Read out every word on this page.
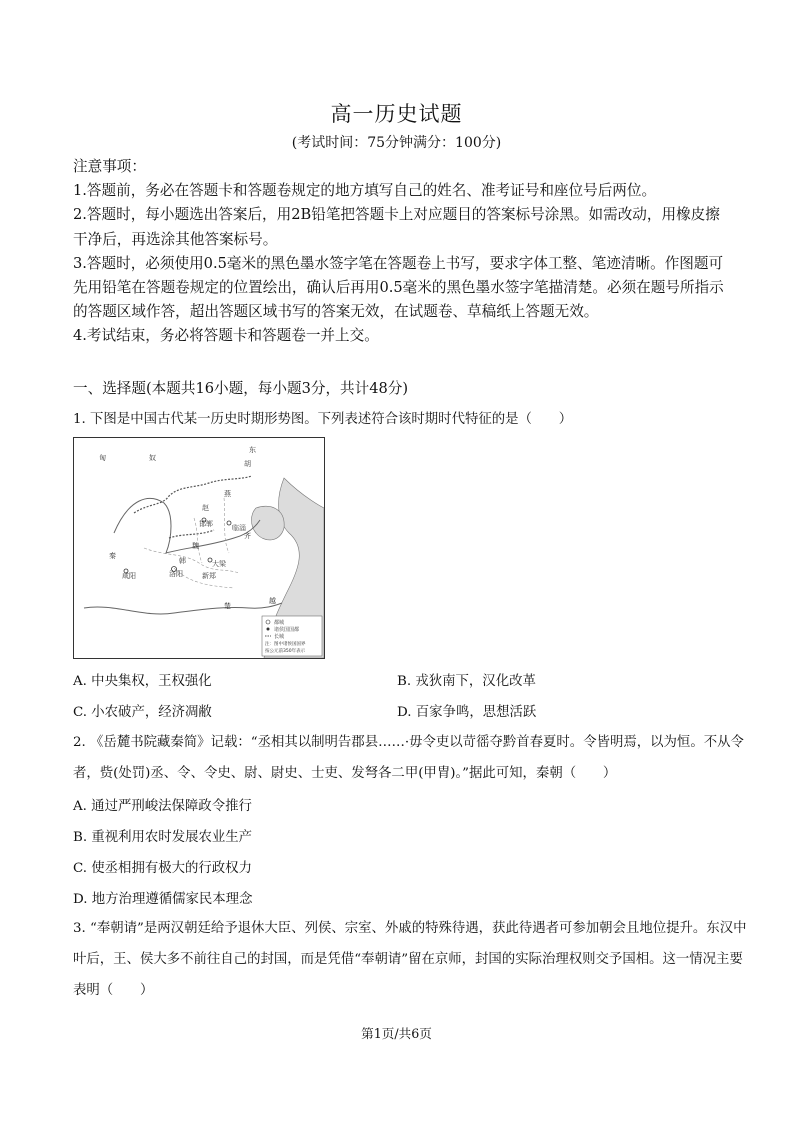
高一历史试题
(考试时间：75分钟满分：100分)

注意事项：

1.答题前，务必在答题卡和答题卷规定的地方填写自己的姓名、准考证号和座位号后两位。

2.答题时，每小题选出答案后，用2B铅笔把答题卡上对应题目的答案标号涂黑。如需改动，用橡皮擦干净后，再选涂其他答案标号。

3.答题时，必须使用0.5毫米的黑色墨水签字笔在答题卷上书写，要求字体工整、笔迹清晰。作图题可先用铅笔在答题卷规定的位置绘出，确认后再用0.5毫米的黑色墨水签字笔描清楚。必须在题号所指示的答题区域作答，超出答题区域书写的答案无效，在试题卷、草稿纸上答题无效。

4.考试结束，务必将答题卡和答题卷一并上交。

一、选择题(本题共16小题，每小题3分，共计48分)
1. 下图是中国古代某一历史时期形势图。下列表述符合该时期时代特征的是（　　）
匈	奴
东
胡
燕
赵
邯郸	临淄
咸阳	洛阳
大梁
新郑
楚
越
齐
魏
韩
秦
都城
诸侯国国都
长城
注：图中诸侯国国界
按公元前350年表示
A. 中央集权，王权强化	B. 戎狄南下，汉化改革
C. 小农破产，经济凋敝	D. 百家争鸣，思想活跃
2. 《岳麓书院藏秦简》记载：“丞相其以制明告郡县……·毋令吏以苛徭夺黔首春夏时。令皆明焉，以为恒。不从令者，赀(处罚)丞、令、令史、尉、尉史、士吏、发弩各二甲(甲胄)。”据此可知，秦朝（　　）
A. 通过严刑峻法保障政令推行
B. 重视利用农时发展农业生产
C. 使丞相拥有极大的行政权力
D. 地方治理遵循儒家民本理念
3. “奉朝请”是两汉朝廷给予退休大臣、列侯、宗室、外戚的特殊待遇，获此待遇者可参加朝会且地位提升。东汉中叶后，王、侯大多不前往自己的封国，而是凭借“奉朝请”留在京师，封国的实际治理权则交予国相。这一情况主要表明（　　）
第1页/共6页
